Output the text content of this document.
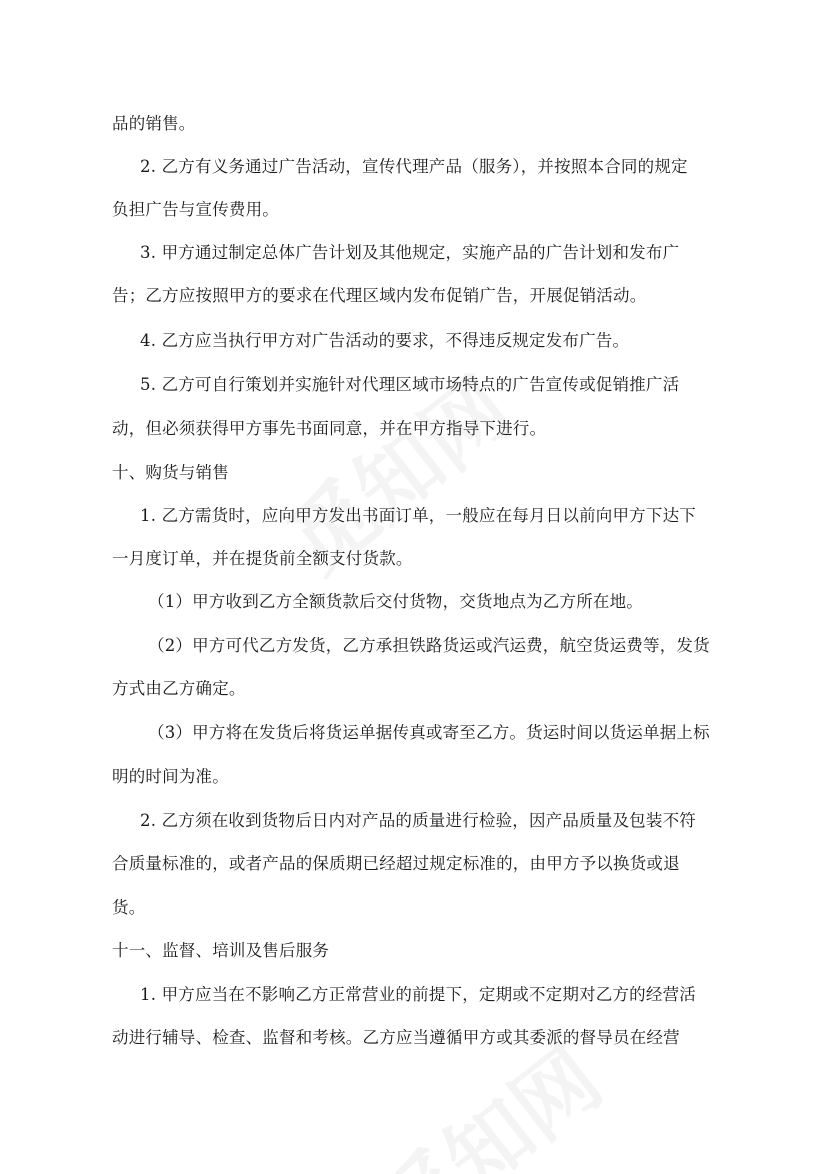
品的销售。
2. 乙方有义务通过广告活动，宣传代理产品（服务），并按照本合同的规定
负担广告与宣传费用。
3. 甲方通过制定总体广告计划及其他规定，实施产品的广告计划和发布广
告；乙方应按照甲方的要求在代理区域内发布促销广告，开展促销活动。
4. 乙方应当执行甲方对广告活动的要求，不得违反规定发布广告。
5. 乙方可自行策划并实施针对代理区域市场特点的广告宣传或促销推广活
动，但必须获得甲方事先书面同意，并在甲方指导下进行。
十、购货与销售
1. 乙方需货时，应向甲方发出书面订单，一般应在每月日以前向甲方下达下
一月度订单，并在提货前全额支付货款。
（1）甲方收到乙方全额货款后交付货物，交货地点为乙方所在地。
（2）甲方可代乙方发货，乙方承担铁路货运或汽运费，航空货运费等，发货
方式由乙方确定。
（3）甲方将在发货后将货运单据传真或寄至乙方。货运时间以货运单据上标
明的时间为准。
2. 乙方须在收到货物后日内对产品的质量进行检验，因产品质量及包装不符
合质量标准的，或者产品的保质期已经超过规定标准的，由甲方予以换货或退
货。
十一、监督、培训及售后服务
1. 甲方应当在不影响乙方正常营业的前提下，定期或不定期对乙方的经营活
动进行辅导、检查、监督和考核。乙方应当遵循甲方或其委派的督导员在经营
